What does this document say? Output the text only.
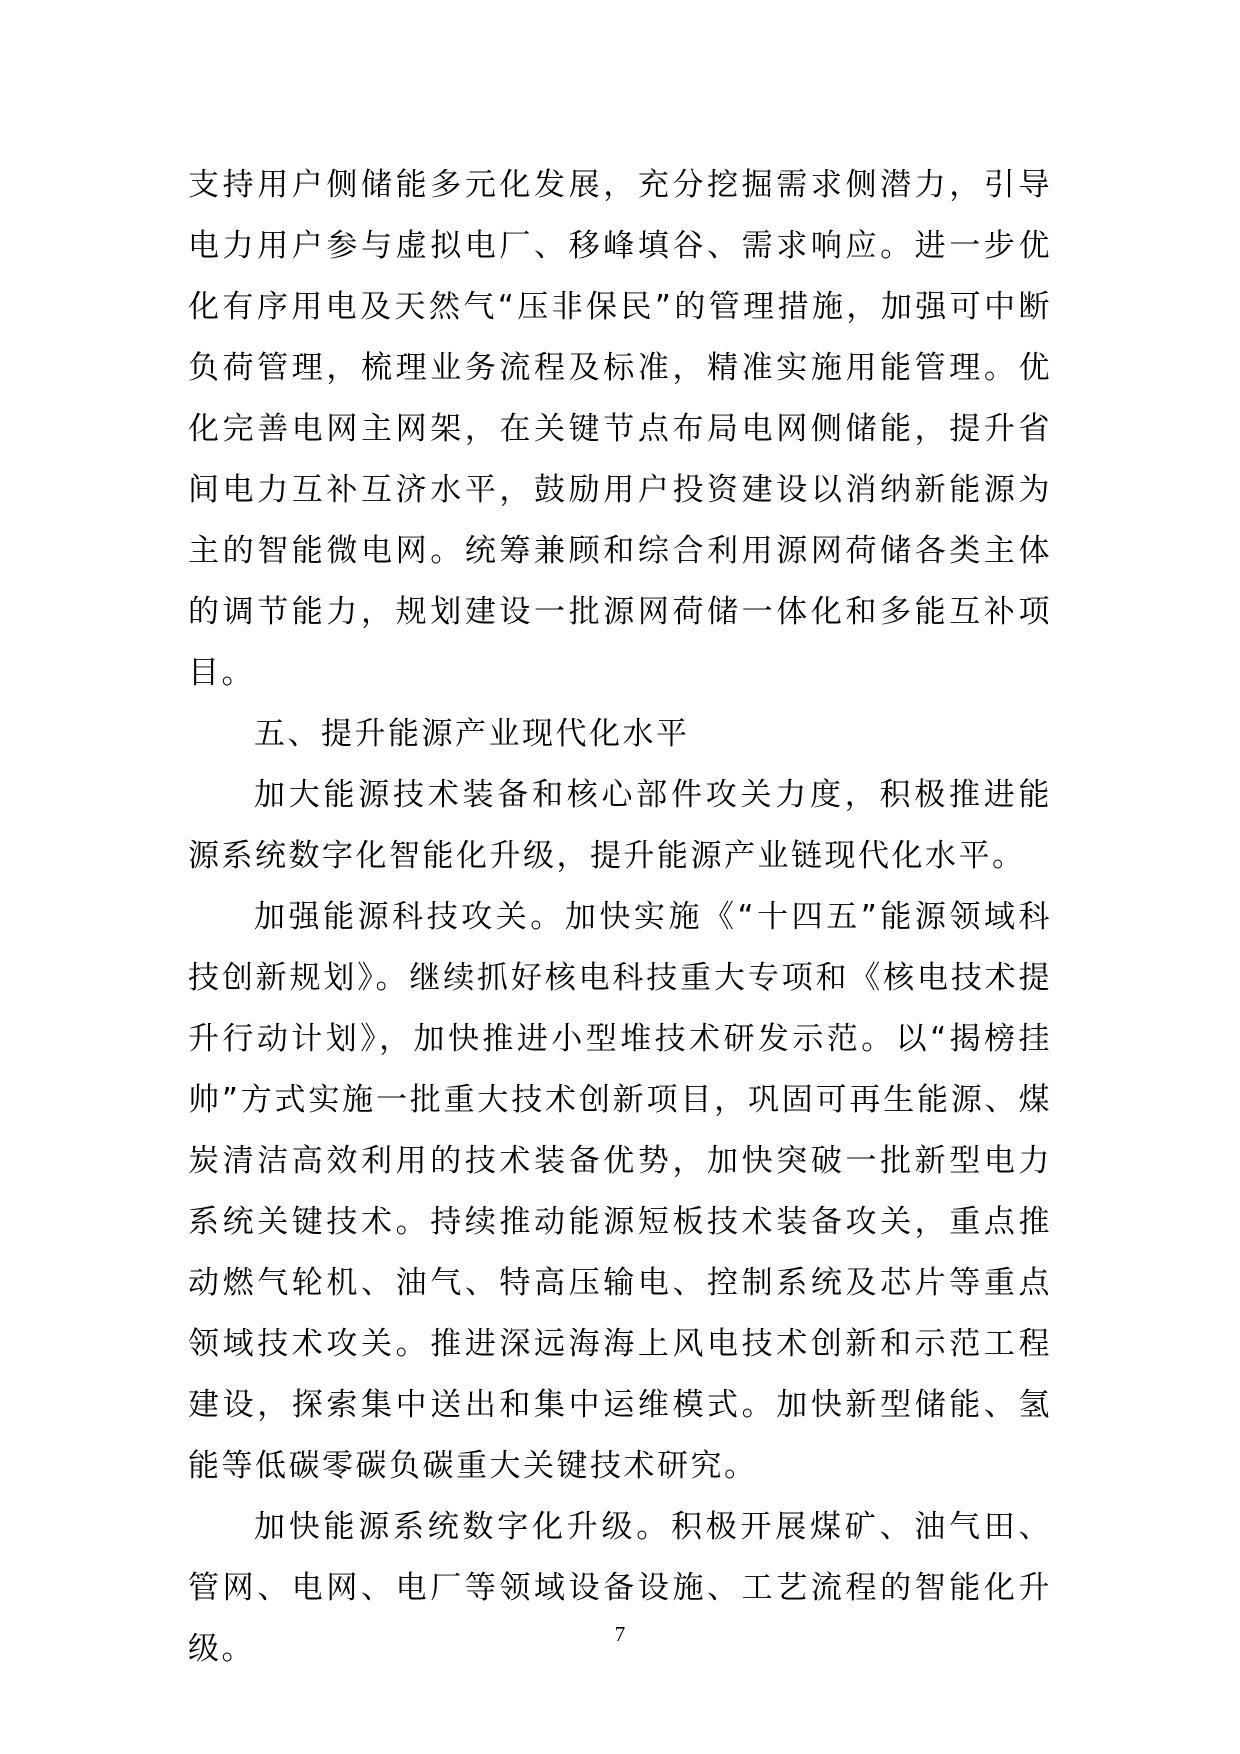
支持用户侧储能多元化发展，充分挖掘需求侧潜力，引导电力用户参与虚拟电厂、移峰填谷、需求响应。进一步优化有序用电及天然气“压非保民”的管理措施，加强可中断负荷管理，梳理业务流程及标准，精准实施用能管理。优化完善电网主网架，在关键节点布局电网侧储能，提升省间电力互补互济水平，鼓励用户投资建设以消纳新能源为主的智能微电网。统筹兼顾和综合利用源网荷储各类主体的调节能力，规划建设一批源网荷储一体化和多能互补项目。

五、提升能源产业现代化水平

加大能源技术装备和核心部件攻关力度，积极推进能源系统数字化智能化升级，提升能源产业链现代化水平。

加强能源科技攻关。加快实施《“十四五”能源领域科技创新规划》。继续抓好核电科技重大专项和《核电技术提升行动计划》，加快推进小型堆技术研发示范。以“揭榜挂帅”方式实施一批重大技术创新项目，巩固可再生能源、煤炭清洁高效利用的技术装备优势，加快突破一批新型电力系统关键技术。持续推动能源短板技术装备攻关，重点推动燃气轮机、油气、特高压输电、控制系统及芯片等重点领域技术攻关。推进深远海海上风电技术创新和示范工程建设，探索集中送出和集中运维模式。加快新型储能、氢能等低碳零碳负碳重大关键技术研究。

加快能源系统数字化升级。积极开展煤矿、油气田、管网、电网、电厂等领域设备设施、工艺流程的智能化升级。	7
